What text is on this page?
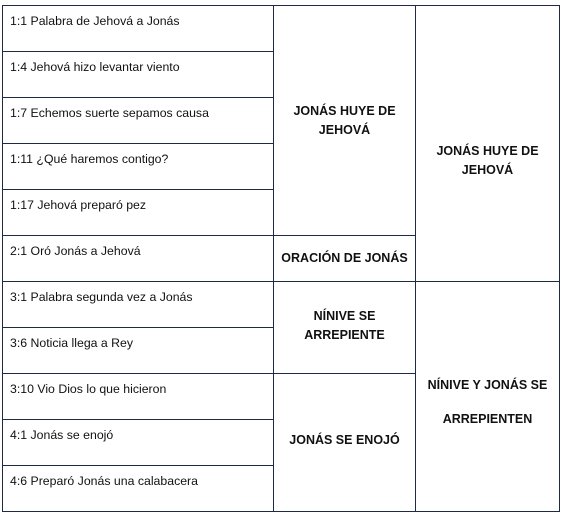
1:1 Palabra de Jehová a Jonás
1:4 Jehová hizo levantar viento
1:7 Echemos suerte sepamos causa
1:11 ¿Qué haremos contigo?
1:17 Jehová preparó pez
2:1 Oró Jonás a Jehová
3:1 Palabra segunda vez a Jonás
3:6 Noticia llega a Rey
3:10 Vio Dios lo que hicieron
4:1 Jonás se enojó
4:6 Preparó Jonás una calabacera
JONÁS HUYE DE
JEHOVÁ
ORACIÓN DE JONÁS
NÍNIVE SE
ARREPIENTE
JONÁS SE ENOJÓ
JONÁS HUYE DE
JEHOVÁ
NÍNIVE Y JONÁS SE
ARREPIENTEN
